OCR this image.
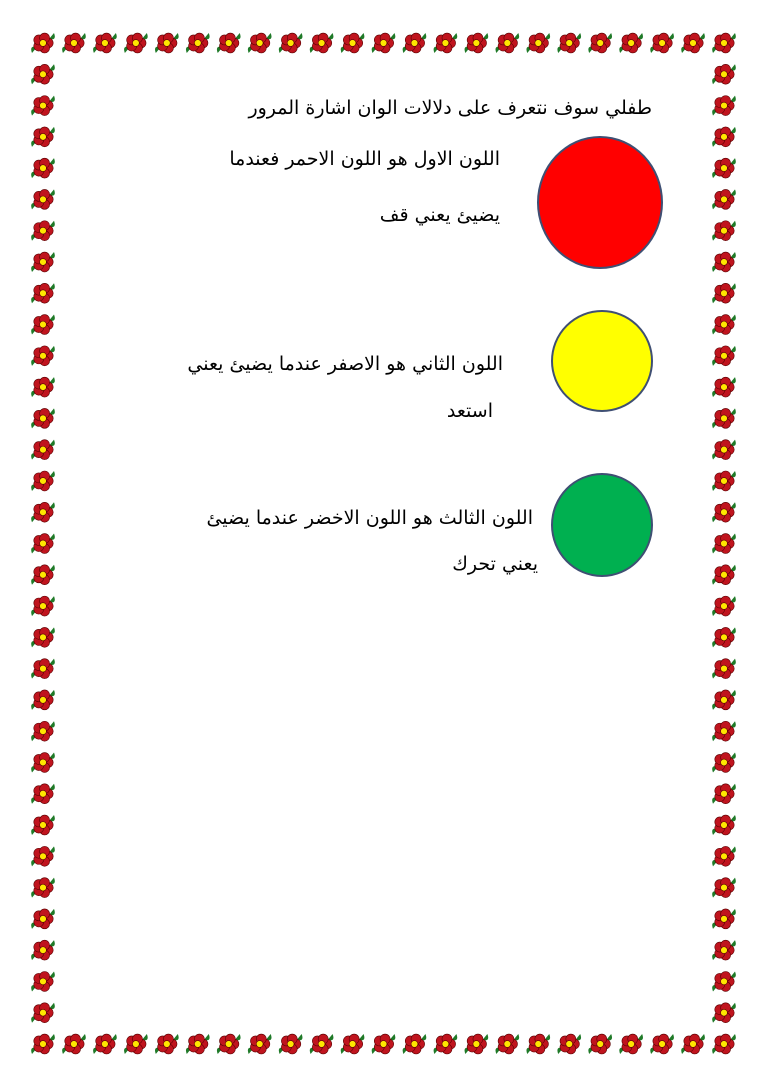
طفلي سوف نتعرف على دلالات الوان اشارة المرور

اللون الاول هو اللون الاحمر فعندما

يضيئ يعني قف

اللون الثاني هو الاصفر عندما يضيئ يعني

استعد

اللون الثالث هو اللون الاخضر عندما يضيئ

يعني تحرك
